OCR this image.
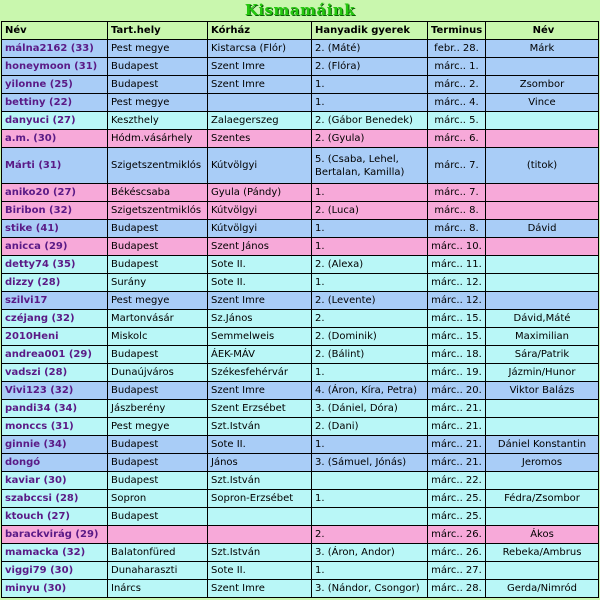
Kismamáink
Név	Tart.hely	Kórház	Hanyadik gyerek	Terminus	Név
málna2162 (33)	Pest megye	Kistarcsa (Flór)	2. (Máté)	febr.. 28.	Márk
honeymoon (31)	Budapest	Szent Imre	2. (Flóra)	márc.. 1.	
yilonne (25)	Budapest	Szent Imre	1.	márc.. 2.	Zsombor
bettiny (22)	Pest megye		1.	márc.. 4.	Vince
danyuci (27)	Keszthely	Zalaegerszeg	2. (Gábor Benedek)	márc.. 5.	
a.m. (30)	Hódm.vásárhely	Szentes	2. (Gyula)	márc.. 6.	
Márti (31)	Szigetszentmiklós	Kútvölgyi	5. (Csaba, Lehel, Bertalan, Kamilla)	márc.. 7.	(titok)
aniko20 (27)	Békéscsaba	Gyula (Pándy)	1.	márc.. 7.	
Biribon (32)	Szigetszentmiklós	Kútvölgyi	2. (Luca)	márc.. 8.	
stike (41)	Budapest	Kútvölgyi	1.	márc.. 8.	Dávid
anicca (29)	Budapest	Szent János	1.	márc.. 10.	
detty74 (35)	Budapest	Sote II.	2. (Alexa)	márc.. 11.	
dizzy (28)	Surány	Sote II.	1.	márc.. 12.	
szilvi17	Pest megye	Szent Imre	2. (Levente)	márc.. 12.	
czéjang (32)	Martonvásár	Sz.János	2.	márc.. 15.	Dávid,Máté
2010Heni	Miskolc	Semmelweis	2. (Dominik)	márc.. 15.	Maximilian
andrea001 (29)	Budapest	ÁEK-MÁV	2. (Bálint)	márc.. 18.	Sára/Patrik
vadszi (28)	Dunaújváros	Székesfehérvár	1.	márc.. 19.	Jázmin/Hunor
Vivi123 (32)	Budapest	Szent Imre	4. (Áron, Kíra, Petra)	márc.. 20.	Viktor Balázs
pandi34 (34)	Jászberény	Szent Erzsébet	3. (Dániel, Dóra)	márc.. 21.	
monccs (31)	Pest megye	Szt.István	2. (Dani)	márc.. 21.	
ginnie (34)	Budapest	Sote II.	1.	márc.. 21.	Dániel Konstantin
dongó	Budapest	János	3. (Sámuel, Jónás)	márc.. 21.	Jeromos
kaviar (30)	Budapest	Szt.István		márc.. 22.	
szabccsi (28)	Sopron	Sopron-Erzsébet	1.	márc.. 25.	Fédra/Zsombor
ktouch (27)	Budapest			márc.. 25.	
barackvirág (29)			2.	márc.. 26.	Ákos
mamacka (32)	Balatonfüred	Szt.István	3. (Áron, Andor)	márc.. 26.	Rebeka/Ambrus
viggi79 (30)	Dunaharaszti	Sote II.	1.	márc.. 27.	
minyu (30)	Inárcs	Szent Imre	3. (Nándor, Csongor)	márc.. 28.	Gerda/Nimród
